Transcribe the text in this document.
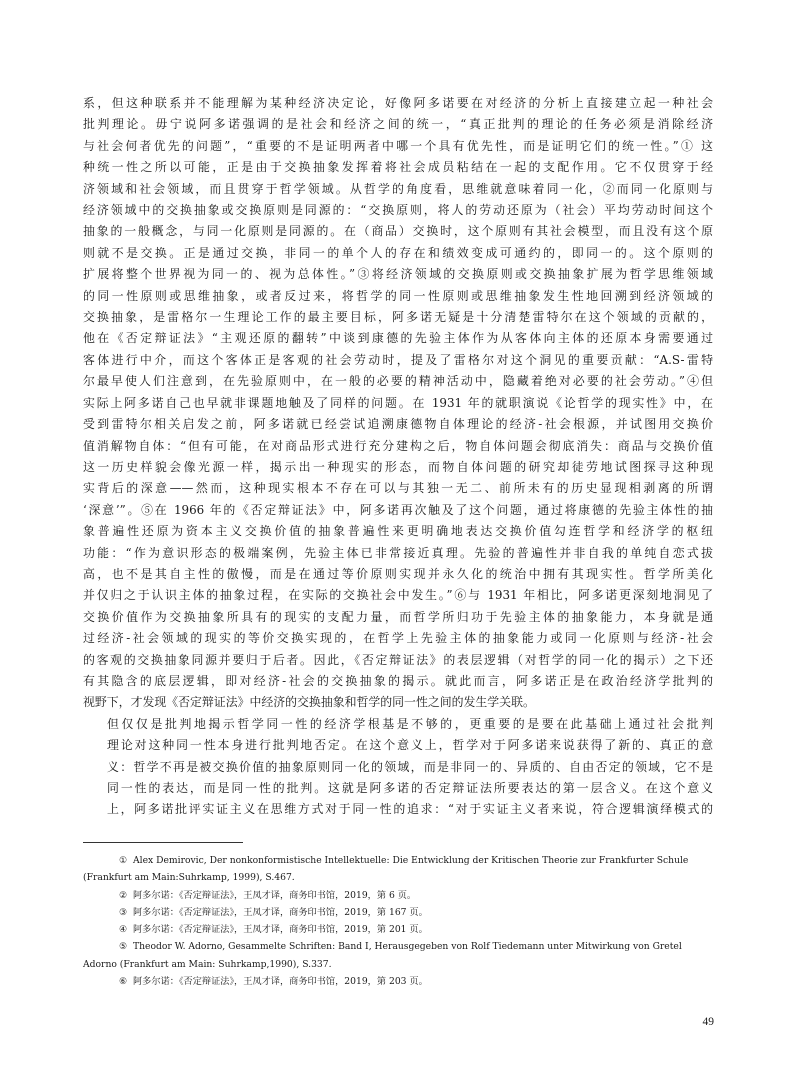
系，但这种联系并不能理解为某种经济决定论，好像阿多诺要在对经济的分析上直接建立起一种社会
批判理论。毋宁说阿多诺强调的是社会和经济之间的统一，“真正批判的理论的任务必须是消除经济
与社会何者优先的问题”，“重要的不是证明两者中哪一个具有优先性，而是证明它们的统一性。”① 这
种统一性之所以可能，正是由于交换抽象发挥着将社会成员粘结在一起的支配作用。它不仅贯穿于经
济领域和社会领域，而且贯穿于哲学领域。从哲学的角度看，思维就意味着同一化，②而同一化原则与
经济领域中的交换抽象或交换原则是同源的：“交换原则，将人的劳动还原为（社会）平均劳动时间这个
抽象的一般概念，与同一化原则是同源的。在（商品）交换时，这个原则有其社会模型，而且没有这个原
则就不是交换。正是通过交换，非同一的单个人的存在和绩效变成可通约的，即同一的。这个原则的
扩展将整个世界视为同一的、视为总体性。”③将经济领域的交换原则或交换抽象扩展为哲学思维领域
的同一性原则或思维抽象，或者反过来，将哲学的同一性原则或思维抽象发生性地回溯到经济领域的
交换抽象，是雷格尔一生理论工作的最主要目标，阿多诺无疑是十分清楚雷特尔在这个领域的贡献的，
他在《否定辩证法》“主观还原的翻转”中谈到康德的先验主体作为从客体向主体的还原本身需要通过
客体进行中介，而这个客体正是客观的社会劳动时，提及了雷格尔对这个洞见的重要贡献：“A.S-雷特
尔最早使人们注意到，在先验原则中，在一般的必要的精神活动中，隐藏着绝对必要的社会劳动。”④但
实际上阿多诺自己也早就非课题地触及了同样的问题。在 1931 年的就职演说《论哲学的现实性》中，在
受到雷特尔相关启发之前，阿多诺就已经尝试追溯康德物自体理论的经济-社会根源，并试图用交换价
值消解物自体：“但有可能，在对商品形式进行充分建构之后，物自体问题会彻底消失：商品与交换价值
这一历史样貌会像光源一样，揭示出一种现实的形态，而物自体问题的研究却徒劳地试图探寻这种现
实背后的深意——然而，这种现实根本不存在可以与其独一无二、前所未有的历史显现相剥离的所谓
‘深意’”。⑤在 1966 年的《否定辩证法》中，阿多诺再次触及了这个问题，通过将康德的先验主体性的抽
象普遍性还原为资本主义交换价值的抽象普遍性来更明确地表达交换价值勾连哲学和经济学的枢纽
功能：“作为意识形态的极端案例，先验主体已非常接近真理。先验的普遍性并非自我的单纯自恋式拔
高，也不是其自主性的傲慢，而是在通过等价原则实现并永久化的统治中拥有其现实性。哲学所美化
并仅归之于认识主体的抽象过程，在实际的交换社会中发生。”⑥与 1931 年相比，阿多诺更深刻地洞见了
交换价值作为交换抽象所具有的现实的支配力量，而哲学所归功于先验主体的抽象能力，本身就是通
过经济-社会领域的现实的等价交换实现的，在哲学上先验主体的抽象能力或同一化原则与经济-社会
的客观的交换抽象同源并要归于后者。因此，《否定辩证法》的表层逻辑（对哲学的同一化的揭示）之下还
有其隐含的底层逻辑，即对经济-社会的交换抽象的揭示。就此而言，阿多诺正是在政治经济学批判的
视野下，才发现《否定辩证法》中经济的交换抽象和哲学的同一性之间的发生学关联。

但仅仅是批判地揭示哲学同一性的经济学根基是不够的，更重要的是要在此基础上通过社会批判
理论对这种同一性本身进行批判地否定。在这个意义上，哲学对于阿多诺来说获得了新的、真正的意
义：哲学不再是被交换价值的抽象原则同一化的领域，而是非同一的、异质的、自由否定的领域，它不是
同一性的表达，而是同一性的批判。这就是阿多诺的否定辩证法所要表达的第一层含义。在这个意义
上，阿多诺批评实证主义在思维方式对于同一性的追求：“对于实证主义者来说，符合逻辑演绎模式的

① Alex Demirovic, Der nonkonformistische Intellektuelle: Die Entwicklung der Kritischen Theorie zur Frankfurter Schule

(Frankfurt am Main:Suhrkamp, 1999), S.467.

② 阿多尔诺：《否定辩证法》，王凤才译，商务印书馆，2019，第 6 页。

③ 阿多尔诺：《否定辩证法》，王凤才译，商务印书馆，2019，第 167 页。

④ 阿多尔诺：《否定辩证法》，王凤才译，商务印书馆，2019，第 201 页。

⑤ Theodor W. Adorno, Gesammelte Schriften: Band I, Herausgegeben von Rolf Tiedemann unter Mitwirkung von Gretel

Adorno (Frankfurt am Main: Suhrkamp,1990), S.337.

⑥ 阿多尔诺：《否定辩证法》，王凤才译，商务印书馆，2019，第 203 页。

49
